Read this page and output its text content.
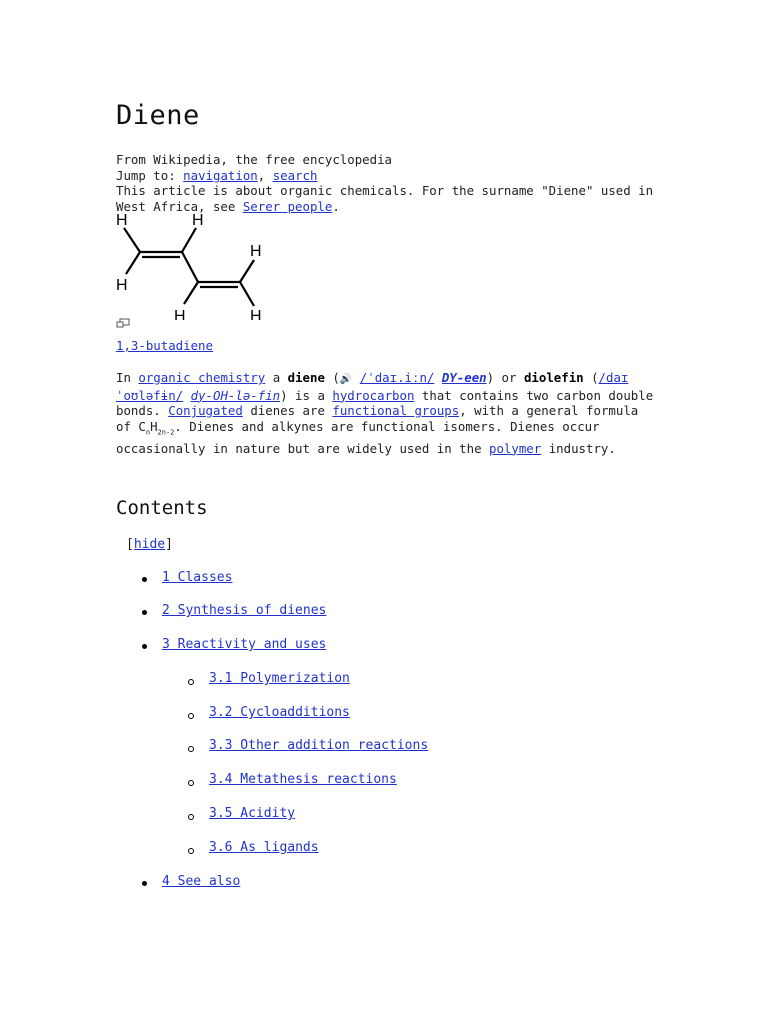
Diene
From Wikipedia, the free encyclopedia
Jump to: navigation, search
This article is about organic chemicals. For the surname "Diene" used in West Africa, see Serer people.
H	H
H
H
H
H
1,3-butadiene
In organic chemistry a diene (🔊 /ˈdaɪ.iːn/ DY-een) or diolefin (/daɪˈoʊləfɨn/ dy-OH-lə-fin) is a hydrocarbon that contains two carbon double bonds. Conjugated dienes are functional groups, with a general formula of $C_nH_{2n-2}$. Dienes and alkynes are functional isomers. Dienes occur occasionally in nature but are widely used in the polymer industry.
Contents
[hide]
1 Classes
2 Synthesis of dienes
3 Reactivity and uses
3.1 Polymerization
3.2 Cycloadditions
3.3 Other addition reactions
3.4 Metathesis reactions
3.5 Acidity
3.6 As ligands
4 See also
